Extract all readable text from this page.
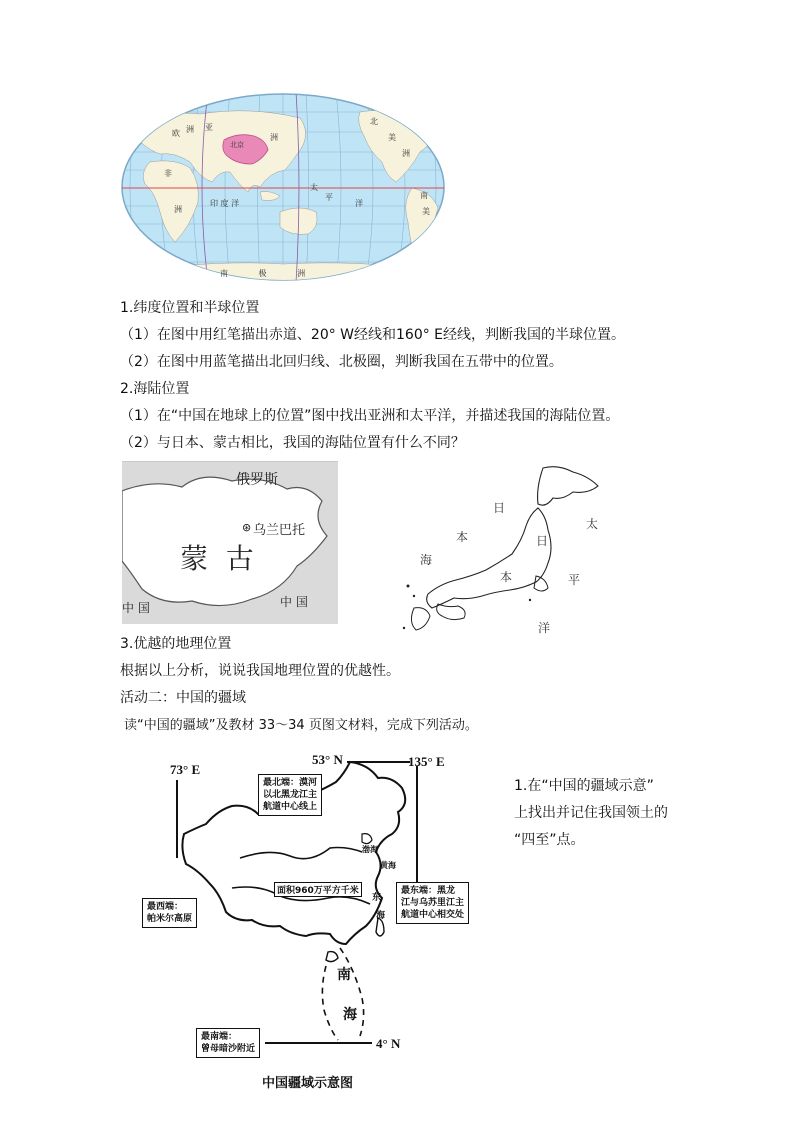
北京
亚
洲
欧 洲
北
美
洲
太
平
洋
印 度 洋
非
洲
南
美
南 极 洲
1.纬度位置和半球位置
（1）在图中用红笔描出赤道、20° W经线和160° E经线，判断我国的半球位置。
（2）在图中用蓝笔描出北回归线、北极圈，判断我国在五带中的位置。
2.海陆位置
（1）在“中国在地球上的位置”图中找出亚洲和太平洋，并描述我国的海陆位置。
（2）与日本、蒙古相比，我国的海陆位置有什么不同？
俄罗斯
⊛ 乌兰巴托
蒙  古
中 国	中 国
日
本
海
日
本
太
平
洋
3.优越的地理位置
根据以上分析，说说我国地理位置的优越性。
活动二：中国的疆域
读“中国的疆域”及教材 33～34 页图文材料，完成下列活动。
73° E
53° N	135° E
4° N
最北端：漠河
以北黑龙江主
航道中心线上
最西端：
帕米尔高原
最东端：黑龙
江与乌苏里江主
航道中心相交处
最南端：
曾母暗沙附近
面积960万平方千米
渤海
黄海
东
海
南
海
中国疆域示意图
1.在“中国的疆域示意”
上找出并记住我国领土的
“四至”点。
